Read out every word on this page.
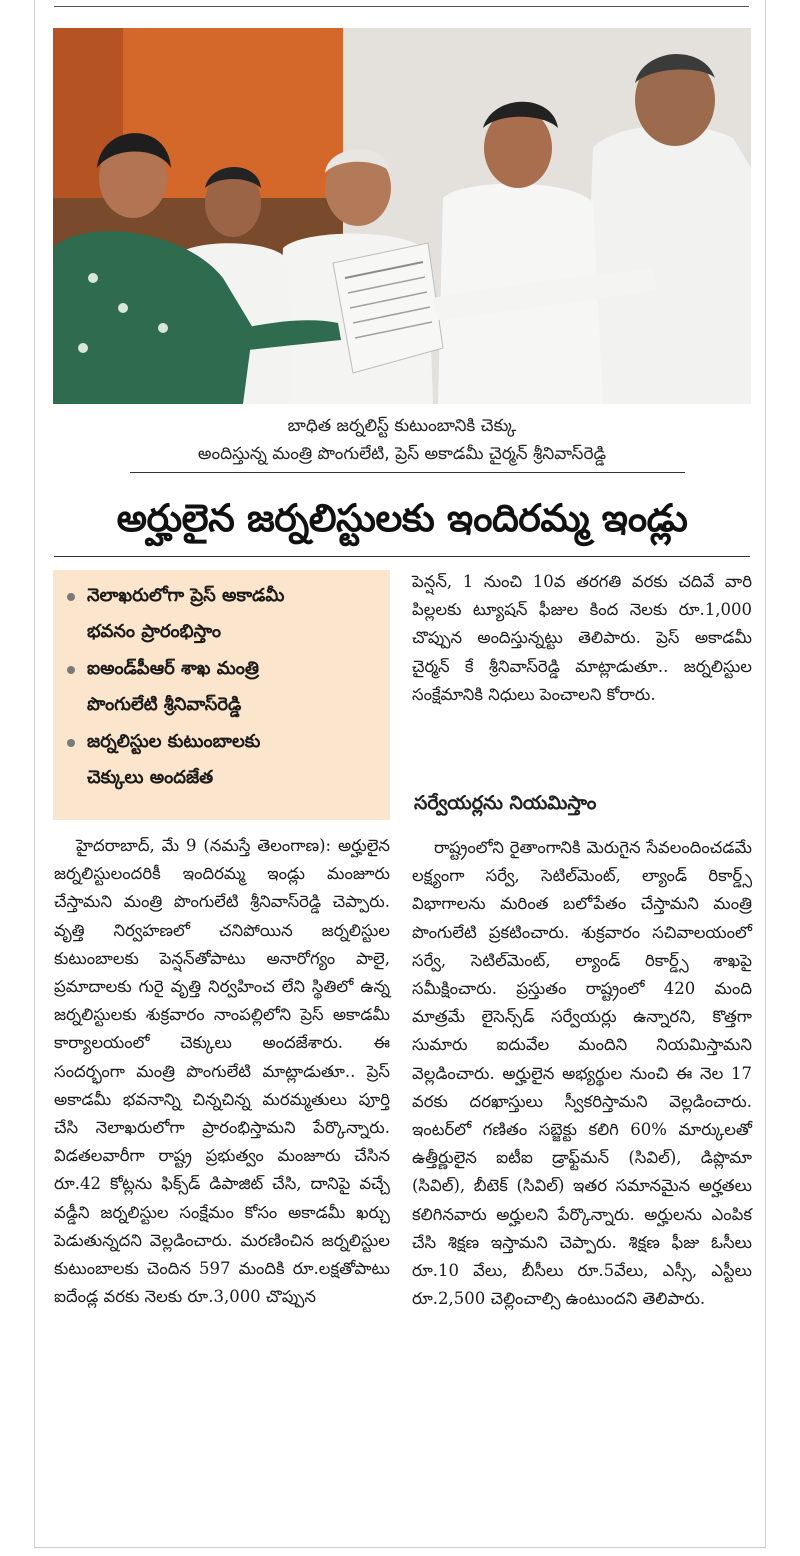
బాధిత జర్నలిస్ట్ కుటుంబానికి చెక్కు
అందిస్తున్న మంత్రి పొంగులేటి, ప్రెస్ అకాడమీ చైర్మన్ శ్రీనివాస్‌రెడ్డి
అర్హులైన జర్నలిస్టులకు ఇందిరమ్మ ఇండ్లు
నెలాఖరులోగా ప్రెస్ అకాడమీ
భవనం ప్రారంభిస్తాం
ఐఅండ్‌పీఆర్ శాఖ మంత్రి
పొంగులేటి శ్రీనివాస్‌రెడ్డి
జర్నలిస్టుల కుటుంబాలకు
చెక్కులు అందజేత

హైదరాబాద్, మే 9 (నమస్తే తెలంగాణ): అర్హులైన జర్నలిస్టులందరికీ ఇందిరమ్మ ఇండ్లు మంజూరు చేస్తామని మంత్రి పొంగులేటి శ్రీనివాస్‌రెడ్డి చెప్పారు. వృత్తి నిర్వహణలో చనిపోయిన జర్నలిస్టుల కుటుంబాలకు పెన్షన్‌తోపాటు అనారోగ్యం పాలై, ప్రమాదాలకు గురై వృత్తి నిర్వహించ లేని స్థితిలో ఉన్న జర్నలిస్టులకు శుక్రవారం నాంపల్లిలోని ప్రెస్ అకాడమీ కార్యాలయంలో చెక్కులు అందజేశారు. ఈ సందర్భంగా మంత్రి పొంగులేటి మాట్లాడుతూ.. ప్రెస్ అకాడమీ భవనాన్ని చిన్నచిన్న మరమ్మతులు పూర్తి చేసి నెలాఖరులోగా ప్రారంభిస్తామని పేర్కొన్నారు. విడతలవారీగా రాష్ట్ర ప్రభుత్వం మంజూరు చేసిన రూ.42 కోట్లను ఫిక్స్‌డ్ డిపాజిట్ చేసి, దానిపై వచ్చే వడ్డీని జర్నలిస్టుల సంక్షేమం కోసం అకాడమీ ఖర్చు పెడుతున్నదని వెల్లడించారు. మరణించిన జర్నలిస్టుల కుటుంబాలకు చెందిన 597 మందికి రూ.లక్షతోపాటు ఐదేండ్ల వరకు నెలకు రూ.3,000 చొప్పున

పెన్షన్, 1 నుంచి 10వ తరగతి వరకు చదివే వారి పిల్లలకు ట్యూషన్ ఫీజుల కింద నెలకు రూ.1,000 చొప్పున అందిస్తున్నట్టు తెలిపారు. ప్రెస్ అకాడమీ చైర్మన్ కే శ్రీనివాస్‌రెడ్డి మాట్లాడుతూ.. జర్నలిస్టుల సంక్షేమానికి నిధులు పెంచాలని కోరారు.

సర్వేయర్లను నియమిస్తాం

రాష్ట్రంలోని రైతాంగానికి మెరుగైన సేవలందించడమే లక్ష్యంగా సర్వే, సెటిల్‌మెంట్, ల్యాండ్ రికార్డ్స్ విభాగాలను మరింత బలోపేతం చేస్తామని మంత్రి పొంగులేటి ప్రకటించారు. శుక్రవారం సచివాలయంలో సర్వే, సెటిల్‌మెంట్, ల్యాండ్ రికార్డ్స్ శాఖపై సమీక్షించారు. ప్రస్తుతం రాష్ట్రంలో 420 మంది మాత్రమే లైసెన్స్‌డ్ సర్వేయర్లు ఉన్నారని, కొత్తగా సుమారు ఐదువేల మందిని నియమిస్తామని వెల్లడించారు. అర్హులైన అభ్యర్థుల నుంచి ఈ నెల 17 వరకు దరఖాస్తులు స్వీకరిస్తామని వెల్లడించారు. ఇంటర్‌లో గణితం సబ్జెక్టు కలిగి 60% మార్కులతో ఉత్తీర్ణులైన ఐటీఐ డ్రాఫ్ట్‌మన్ (సివిల్), డిప్లొమా (సివిల్), బీటెక్ (సివిల్) ఇతర సమానమైన అర్హతలు కలిగినవారు అర్హులని పేర్కొన్నారు. అర్హులను ఎంపిక చేసి శిక్షణ ఇస్తామని చెప్పారు. శిక్షణ ఫీజు ఓసీలు రూ.10 వేలు, బీసీలు రూ.5వేలు, ఎస్సీ, ఎస్టీలు రూ.2,500 చెల్లించాల్సి ఉంటుందని తెలిపారు.
